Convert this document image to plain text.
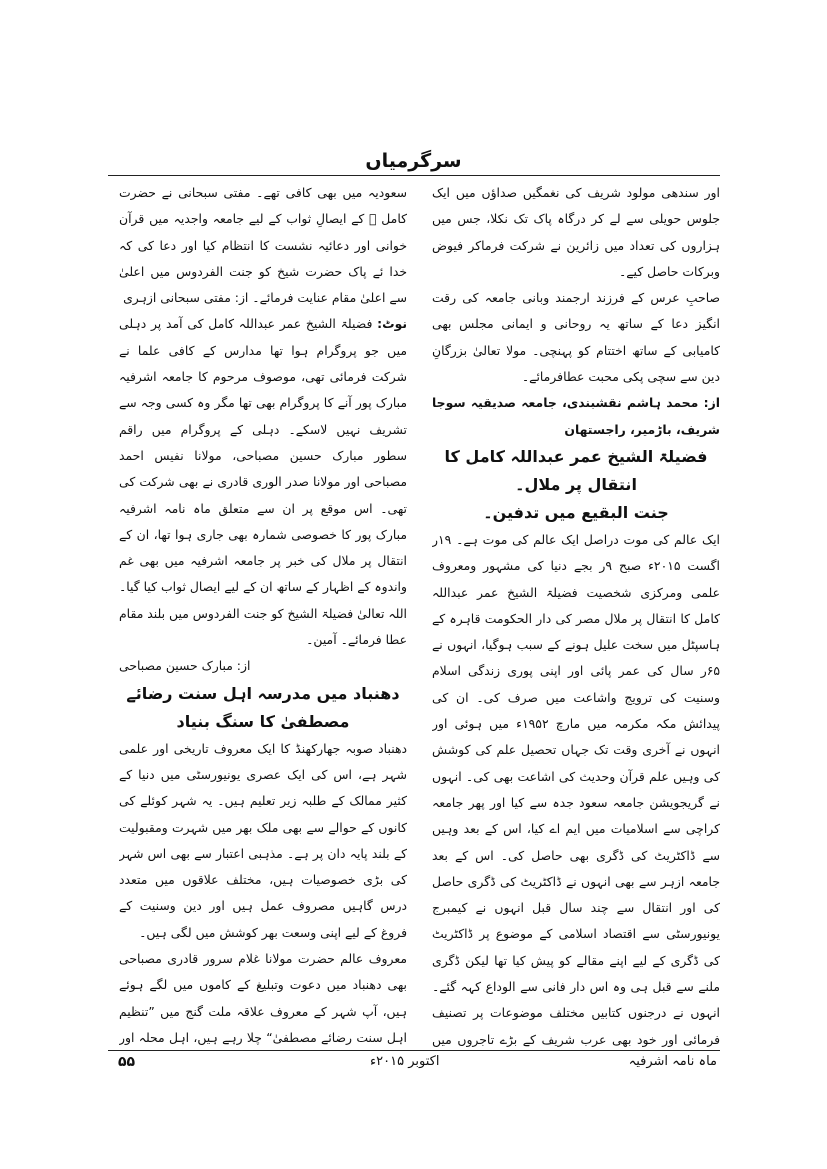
سرگرمیاں

اور سندھی مولود شریف کی نغمگیں صداؤں میں ایک جلوس حویلی سے لے کر درگاہ پاک تک نکلا، جس میں ہزاروں کی تعداد میں زائرین نے شرکت فرماکر فیوض وبرکات حاصل کیے۔

صاحبِ عرس کے فرزند ارجمند وبانی جامعہ کی رقت انگیز دعا کے ساتھ یہ روحانی و ایمانی مجلس بھی کامیابی کے ساتھ اختتام کو پہنچی۔ مولا تعالیٰ بزرگانِ دین سے سچی پکی محبت عطافرمائے۔

از: محمد ہاشم نقشبندی، جامعہ صدیقیہ سوجا شریف، باڑمیر، راجستھان

فضیلۃ الشیخ عمر عبداللہ کامل کا انتقال پر ملال۔

جنت البقیع میں تدفین۔

ایک عالم کی موت دراصل ایک عالم کی موت ہے۔ ۱۹ر اگست ۲۰۱۵ء صبح ۹ر بجے دنیا کی مشہور ومعروف علمی ومرکزی شخصیت فضیلۃ الشیخ عمر عبداللہ کامل کا انتقال پر ملال مصر کی دار الحکومت قاہرہ کے ہاسپٹل میں سخت علیل ہونے کے سبب ہوگیا، انہوں نے ۶۵ر سال کی عمر پائی اور اپنی پوری زندگی اسلام وسنیت کی ترویج واشاعت میں صرف کی۔ ان کی پیدائش مکہ مکرمہ میں مارچ ۱۹۵۲ء میں ہوئی اور انہوں نے آخری وقت تک جہاں تحصیل علم کی کوشش کی وہیں علم قرآن وحدیث کی اشاعت بھی کی۔ انہوں نے گریجویشن جامعہ سعود جدہ سے کیا اور پھر جامعہ کراچی سے اسلامیات میں ایم اے کیا، اس کے بعد وہیں سے ڈاکٹریٹ کی ڈگری بھی حاصل کی۔ اس کے بعد جامعہ ازہر سے بھی انہوں نے ڈاکٹریٹ کی ڈگری حاصل کی اور انتقال سے چند سال قبل انہوں نے کیمبرج یونیورسٹی سے اقتصاد اسلامی کے موضوع پر ڈاکٹریٹ کی ڈگری کے لیے اپنے مقالے کو پیش کیا تھا لیکن ڈگری ملنے سے قبل ہی وہ اس دار فانی سے الوداع کہہ گئے۔ انہوں نے درجنوں کتابیں مختلف موضوعات پر تصنیف فرمائی اور خود بھی عرب شریف کے بڑے تاجروں میں

سعودیہ میں بھی کافی تھے۔ مفتی سبحانی نے حضرت کامل ﷫ کے ایصالِ ثواب کے لیے جامعہ واجدیہ میں قرآن خوانی اور دعائیہ نشست کا انتظام کیا اور دعا کی کہ خدا ئے پاک حضرت شیخ کو جنت الفردوس میں اعلیٰ سے اعلیٰ مقام عنایت فرمائے۔ از: مفتی سبحانی ازہری

نوٹ: فضیلۃ الشیخ عمر عبداللہ کامل کی آمد پر دہلی میں جو پروگرام ہوا تھا مدارس کے کافی علما نے شرکت فرمائی تھی، موصوف مرحوم کا جامعہ اشرفیہ مبارک پور آنے کا پروگرام بھی تھا مگر وہ کسی وجہ سے تشریف نہیں لاسکے۔ دہلی کے پروگرام میں راقم سطور مبارک حسین مصباحی، مولانا نفیس احمد مصباحی اور مولانا صدر الوری قادری نے بھی شرکت کی تھی۔ اس موقع پر ان سے متعلق ماہ نامہ اشرفیہ مبارک پور کا خصوصی شمارہ بھی جاری ہوا تھا، ان کے انتقال پر ملال کی خبر پر جامعہ اشرفیہ میں بھی غم واندوہ کے اظہار کے ساتھ ان کے لیے ایصال ثواب کیا گیا۔ اللہ تعالیٰ فضیلۃ الشیخ کو جنت الفردوس میں بلند مقام عطا فرمائے۔ آمین۔

از: مبارک حسین مصباحی

دھنباد میں مدرسہ اہل سنت رضائے مصطفیٰ کا سنگ بنیاد

دھنباد صوبہ جھارکھنڈ کا ایک معروف تاریخی اور علمی شہر ہے، اس کی ایک عصری یونیورسٹی میں دنیا کے کثیر ممالک کے طلبہ زیر تعلیم ہیں۔ یہ شہر کوئلے کی کانوں کے حوالے سے بھی ملک بھر میں شہرت ومقبولیت کے بلند پایہ دان پر ہے۔ مذہبی اعتبار سے بھی اس شہر کی بڑی خصوصیات ہیں، مختلف علاقوں میں متعدد درس گاہیں مصروف عمل ہیں اور دین وسنیت کے فروغ کے لیے اپنی وسعت بھر کوشش میں لگی ہیں۔

معروف عالم حضرت مولانا غلام سرور قادری مصباحی بھی دھنباد میں دعوت وتبلیغ کے کاموں میں لگے ہوئے ہیں، آپ شہر کے معروف علاقہ ملت گنج میں ”تنظیم اہل سنت رضائے مصطفیٰ“ چلا رہے ہیں، اہل محلہ اور

ماہ نامہ اشرفیہ
اکتوبر ۲۰۱۵ء
۵۵
